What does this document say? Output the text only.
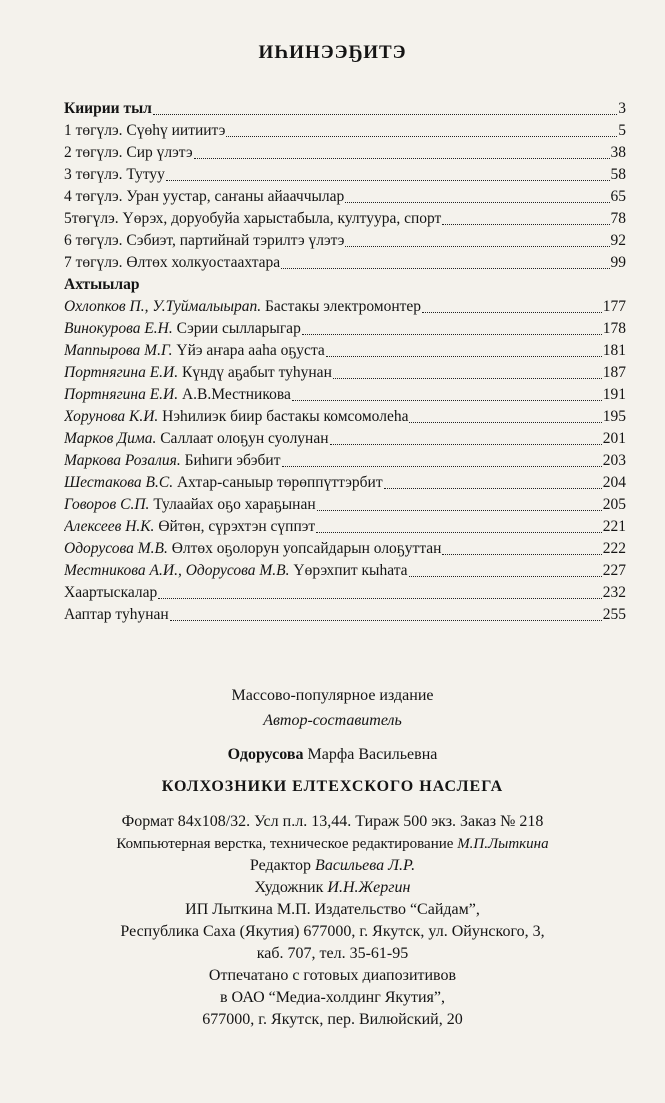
ИҺИНЭЭҔИТЭ
Киирии тыл	3
1 төгүлэ. Сүөһү иитиитэ	5
2 төгүлэ. Сир үлэтэ	38
3 төгүлэ. Тутуу	58
4 төгүлэ. Уран уустар, саҥаны айааччылар	65
5төгүлэ. Үөрэх, доруобуйа харыстабыла, култуура, спорт	78
6 төгүлэ. Сэбиэт, партийнай тэрилтэ үлэтэ	92
7 төгүлэ. Өлтөх холкуостаахтара	99
Ахтыылар
Охлопков П., У.Туймалыырап. Бастакы электромонтер	177
Винокурова Е.Н. Сэрии сылларыгар	178
Маппырова М.Г. Үйэ аҥара ааһа оҕуста	181
Портнягина Е.И. Күндү аҕабыт туһунан	187
Портнягина Е.И. А.В.Местникова	191
Хорунова К.И. Нэһилиэк биир бастакы комсомолеһа	195
Марков Дима. Саллаат олоҕун суолунан	201
Маркова Розалия. Биһиги эбэбит	203
Шестакова В.С. Ахтар-саныыр төрөппүттэрбит	204
Говоров С.П. Тулаайах оҕо хараҕынан	205
Алексеев Н.К. Өйтөн, сүрэхтэн сүппэт	221
Одорусова М.В. Өлтөх оҕолорун уопсайдарын олоҕуттан	222
Местникова А.И., Одорусова М.В. Үөрэхпит кыһата	227
Хаартыскалар	232
Ааптар туһунан	255
Массово-популярное издание
Автор-составитель
Одорусова Марфа Васильевна
КОЛХОЗНИКИ ЕЛТЕХСКОГО НАСЛЕГА
Формат 84х108/32. Усл п.л. 13,44. Тираж 500 экз. Заказ № 218
Компьютерная верстка, техническое редактирование М.П.Лыткина
Редактор Васильева Л.Р.
Художник И.Н.Жергин
ИП Лыткина М.П. Издательство “Сайдам”,
Республика Саха (Якутия) 677000, г. Якутск, ул. Ойунского, 3,
каб. 707, тел. 35-61-95
Отпечатано с готовых диапозитивов
в ОАО “Медиа-холдинг Якутия”,
677000, г. Якутск, пер. Вилюйский, 20
